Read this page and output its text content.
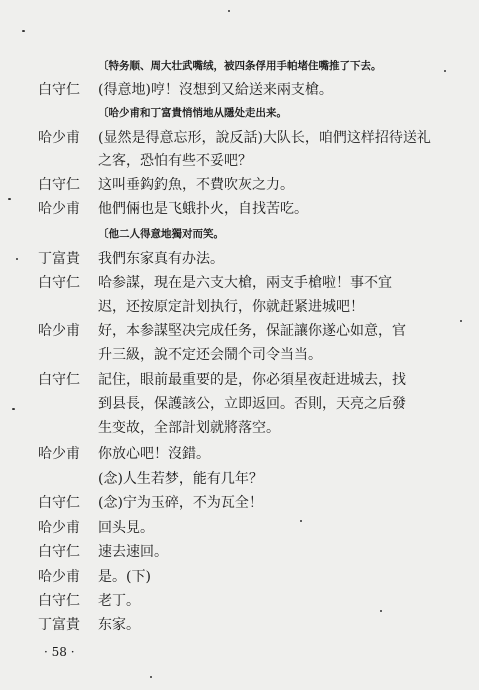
〔特务顺、周大壮武嘴绒，被四条俘用手帕堵住嘴推了下去。
白守仁	(得意地)哼！沒想到又給送来兩支槍。
〔哈少甫和丁富貴悄悄地从隱处走出来。
哈少甫	(显然是得意忘形，說反話)大队长，咱們这样招待送礼
之客，恐怕有些不妥吧？
白守仁	这叫垂鈎釣魚，不費吹灰之力。
哈少甫	他們倆也是飞蛾扑火，自找苦吃。
〔他二人得意地獨对而笑。
丁富貴	我們东家真有办法。
白守仁	哈参謀，現在是六支大槍，兩支手槍啦！事不宜
迟，还按原定計划执行，你就赶紧进城吧！
哈少甫	好，本参謀堅决完成任务，保証讓你遂心如意，官
升三級，說不定还会鬧个司令当当。
白守仁	記住，眼前最重要的是，你必須星夜赶进城去，找
到县長，保護該公，立即返回。否則，天亮之后發
生变故，全部計划就將落空。
哈少甫	你放心吧！沒錯。
(念)人生若梦，能有几年？
白守仁	(念)宁为玉碎，不为瓦全！
哈少甫	回头見。
白守仁	速去速回。
哈少甫	是。(下)
白守仁	老丁。
丁富貴	东家。
· 58 ·
